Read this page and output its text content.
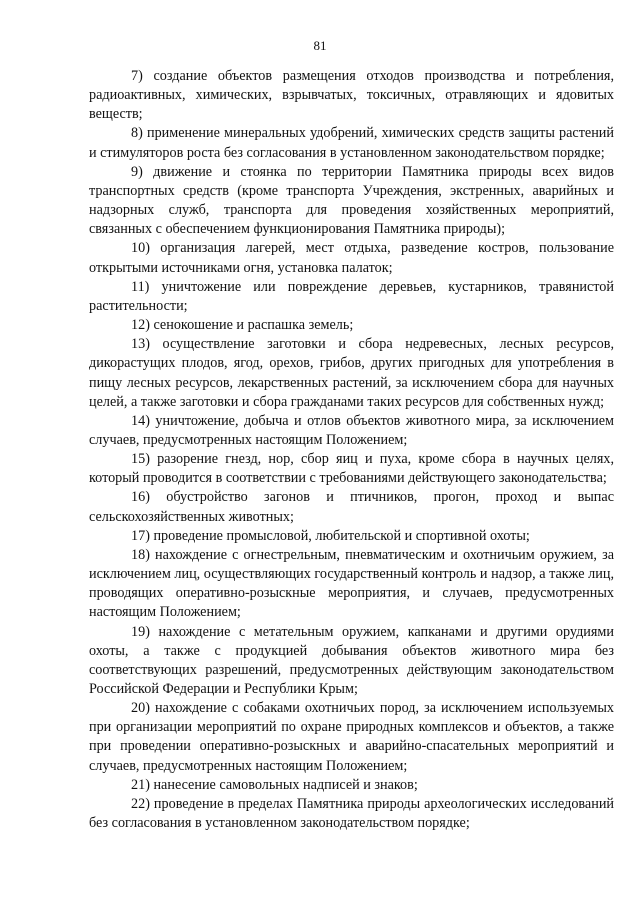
81

7) создание объектов размещения отходов производства и потребления, радиоактивных, химических, взрывчатых, токсичных, отравляющих и ядовитых веществ;

8) применение минеральных удобрений, химических средств защиты растений и стимуляторов роста без согласования в установленном законодательством порядке;

9) движение и стоянка по территории Памятника природы всех видов транспортных средств (кроме транспорта Учреждения, экстренных, аварийных и надзорных служб, транспорта для проведения хозяйственных мероприятий, связанных с обеспечением функционирования Памятника природы);

10) организация лагерей, мест отдыха, разведение костров, пользование открытыми источниками огня, установка палаток;

11) уничтожение или повреждение деревьев, кустарников, травянистой растительности;

12) сенокошение и распашка земель;

13) осуществление заготовки и сбора недревесных, лесных ресурсов, дикорастущих плодов, ягод, орехов, грибов, других пригодных для употребления в пищу лесных ресурсов, лекарственных растений, за исключением сбора для научных целей, а также заготовки и сбора гражданами таких ресурсов для собственных нужд;

14) уничтожение, добыча и отлов объектов животного мира, за исключением случаев, предусмотренных настоящим Положением;

15) разорение гнезд, нор, сбор яиц и пуха, кроме сбора в научных целях, который проводится в соответствии с требованиями действующего законодательства;

16) обустройство загонов и птичников, прогон, проход и выпас сельскохозяйственных животных;

17) проведение промысловой, любительской и спортивной охоты;

18) нахождение с огнестрельным, пневматическим и охотничьим оружием, за исключением лиц, осуществляющих государственный контроль и надзор, а также лиц, проводящих оперативно-розыскные мероприятия, и случаев, предусмотренных настоящим Положением;

19) нахождение с метательным оружием, капканами и другими орудиями охоты, а также с продукцией добывания объектов животного мира без соответствующих разрешений, предусмотренных действующим законодательством Российской Федерации и Республики Крым;

20) нахождение с собаками охотничьих пород, за исключением используемых при организации мероприятий по охране природных комплексов и объектов, а также при проведении оперативно-розыскных и аварийно-спасательных мероприятий и случаев, предусмотренных настоящим Положением;

21) нанесение самовольных надписей и знаков;

22) проведение в пределах Памятника природы археологических исследований без согласования в установленном законодательством порядке;
